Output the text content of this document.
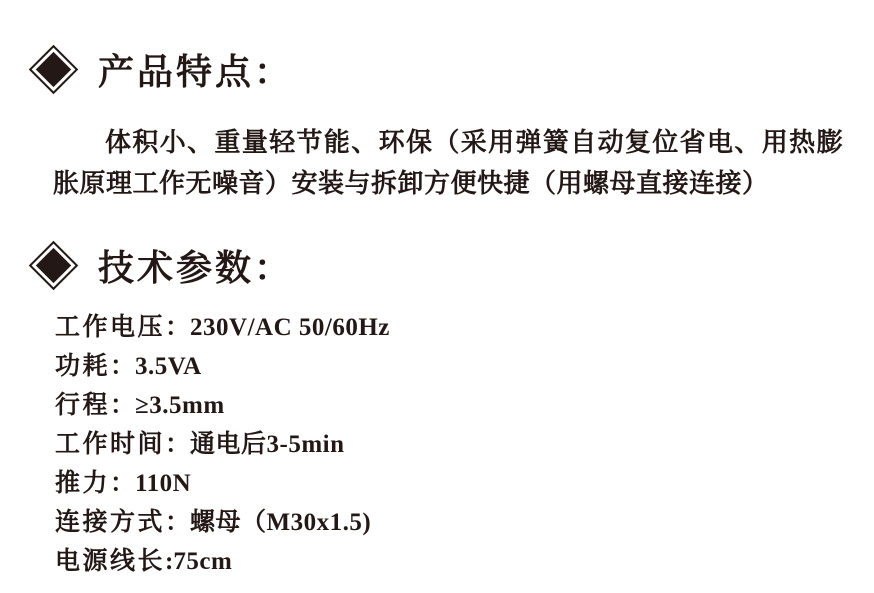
产品特点：

体积小、重量轻节能、环保（采用弹簧自动复位省电、用热膨胀原理工作无噪音）安装与拆卸方便快捷（用螺母直接连接）

技术参数：
工作电压：230V/AC 50/60Hz
功耗：3.5VA
行程：≥3.5mm
工作时间：通电后3-5min
推力：110N
连接方式：螺母（M30x1.5)
电源线长:75cm
